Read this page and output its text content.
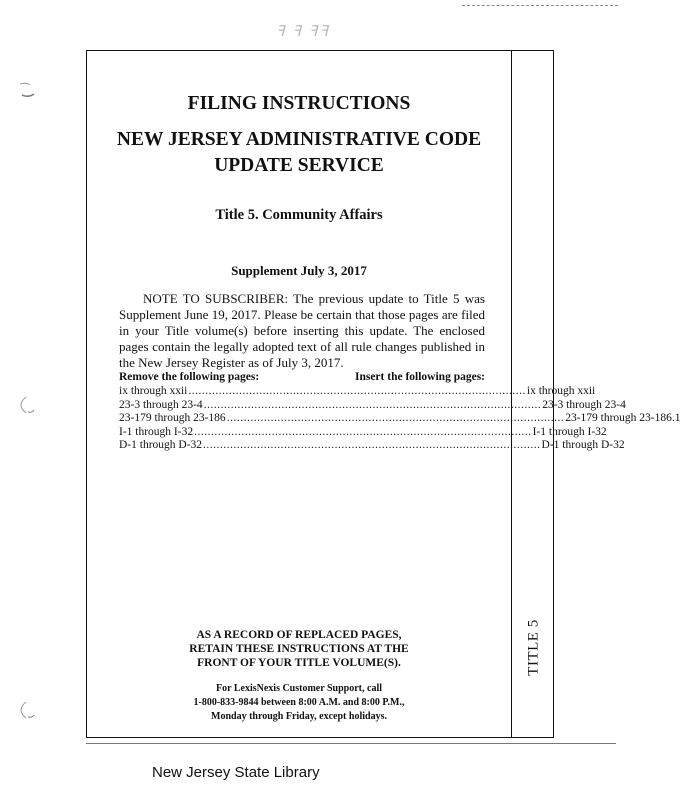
ꟻ ꟻ ꟻꟻ
FILING INSTRUCTIONS
NEW JERSEY ADMINISTRATIVE CODE
UPDATE SERVICE
Title 5. Community Affairs
Supplement July 3, 2017
NOTE TO SUBSCRIBER: The previous update to Title 5 was Supplement June 19, 2017. Please be certain that those pages are filed in your Title volume(s) before inserting this update. The enclosed pages contain the legally adopted text of all rule changes published in the New Jersey Register as of July 3, 2017.
Remove the following pages:	Insert the following pages:
ix through xxii .................................................................................................... ix through xxii
23-3 through 23-4 .................................................................................................... 23-3 through 23-4
23-179 through 23-186 .................................................................................................... 23-179 through 23-186.1
I-1 through I-32 .................................................................................................... I-1 through I-32
D-1 through D-32 .................................................................................................... D-1 through D-32
AS A RECORD OF REPLACED PAGES,
RETAIN THESE INSTRUCTIONS AT THE
FRONT OF YOUR TITLE VOLUME(S).
For LexisNexis Customer Support, call
1-800-833-9844 between 8:00 A.M. and 8:00 P.M.,
Monday through Friday, except holidays.
TITLE 5
New Jersey State Library
